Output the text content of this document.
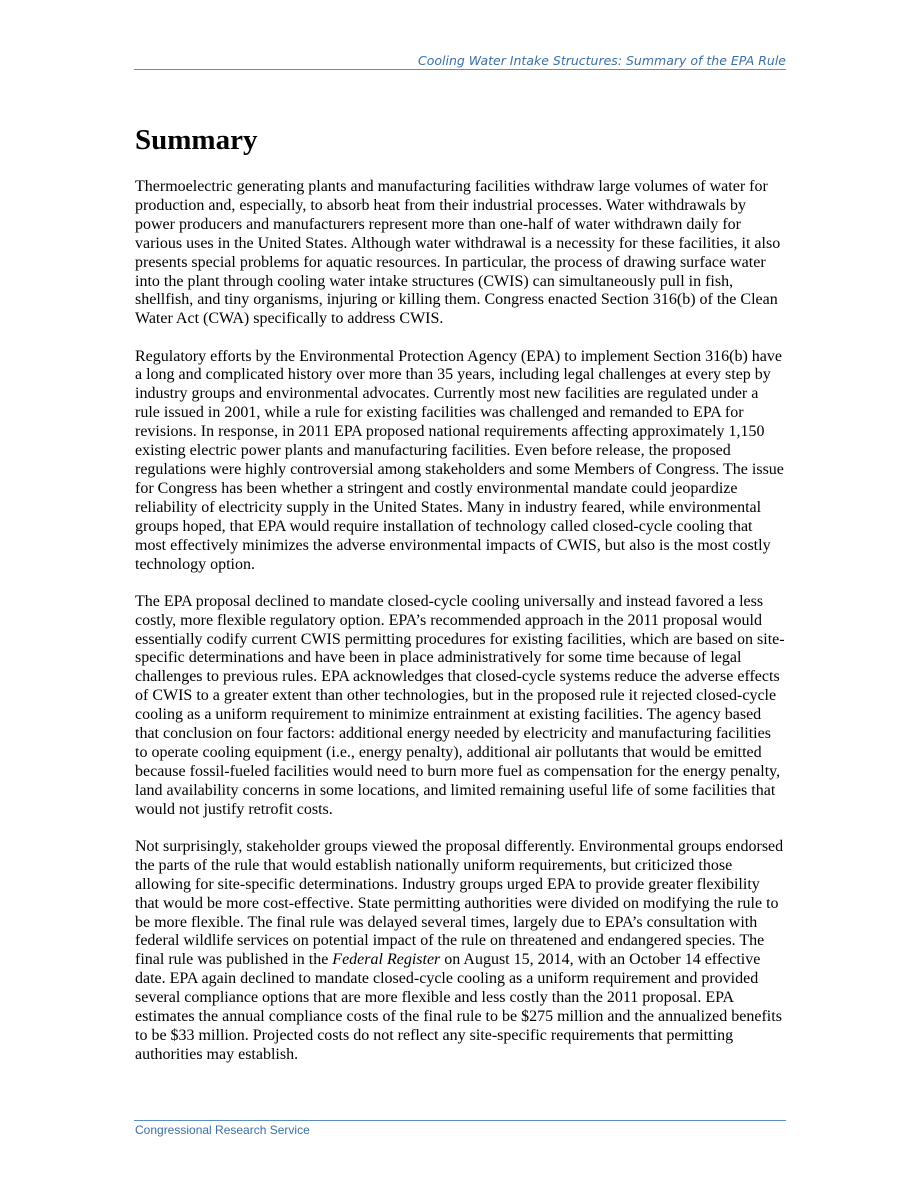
Cooling Water Intake Structures: Summary of the EPA Rule
Summary

Thermoelectric generating plants and manufacturing facilities withdraw large volumes of water for production and, especially, to absorb heat from their industrial processes. Water withdrawals by power producers and manufacturers represent more than one-half of water withdrawn daily for various uses in the United States. Although water withdrawal is a necessity for these facilities, it also presents special problems for aquatic resources. In particular, the process of drawing surface water into the plant through cooling water intake structures (CWIS) can simultaneously pull in fish, shellfish, and tiny organisms, injuring or killing them. Congress enacted Section 316(b) of the Clean Water Act (CWA) specifically to address CWIS.

Regulatory efforts by the Environmental Protection Agency (EPA) to implement Section 316(b) have a long and complicated history over more than 35 years, including legal challenges at every step by industry groups and environmental advocates. Currently most new facilities are regulated under a rule issued in 2001, while a rule for existing facilities was challenged and remanded to EPA for revisions. In response, in 2011 EPA proposed national requirements affecting approximately 1,150 existing electric power plants and manufacturing facilities. Even before release, the proposed regulations were highly controversial among stakeholders and some Members of Congress. The issue for Congress has been whether a stringent and costly environmental mandate could jeopardize reliability of electricity supply in the United States. Many in industry feared, while environmental groups hoped, that EPA would require installation of technology called closed-cycle cooling that most effectively minimizes the adverse environmental impacts of CWIS, but also is the most costly technology option.

The EPA proposal declined to mandate closed-cycle cooling universally and instead favored a less costly, more flexible regulatory option. EPA’s recommended approach in the 2011 proposal would essentially codify current CWIS permitting procedures for existing facilities, which are based on site-specific determinations and have been in place administratively for some time because of legal challenges to previous rules. EPA acknowledges that closed-cycle systems reduce the adverse effects of CWIS to a greater extent than other technologies, but in the proposed rule it rejected closed-cycle cooling as a uniform requirement to minimize entrainment at existing facilities. The agency based that conclusion on four factors: additional energy needed by electricity and manufacturing facilities to operate cooling equipment (i.e., energy penalty), additional air pollutants that would be emitted because fossil-fueled facilities would need to burn more fuel as compensation for the energy penalty, land availability concerns in some locations, and limited remaining useful life of some facilities that would not justify retrofit costs.

Not surprisingly, stakeholder groups viewed the proposal differently. Environmental groups endorsed the parts of the rule that would establish nationally uniform requirements, but criticized those allowing for site-specific determinations. Industry groups urged EPA to provide greater flexibility that would be more cost-effective. State permitting authorities were divided on modifying the rule to be more flexible. The final rule was delayed several times, largely due to EPA’s consultation with federal wildlife services on potential impact of the rule on threatened and endangered species. The final rule was published in the Federal Register on August 15, 2014, with an October 14 effective date. EPA again declined to mandate closed-cycle cooling as a uniform requirement and provided several compliance options that are more flexible and less costly than the 2011 proposal. EPA estimates the annual compliance costs of the final rule to be $275 million and the annualized benefits to be $33 million. Projected costs do not reflect any site-specific requirements that permitting authorities may establish.

Congressional Research Service
